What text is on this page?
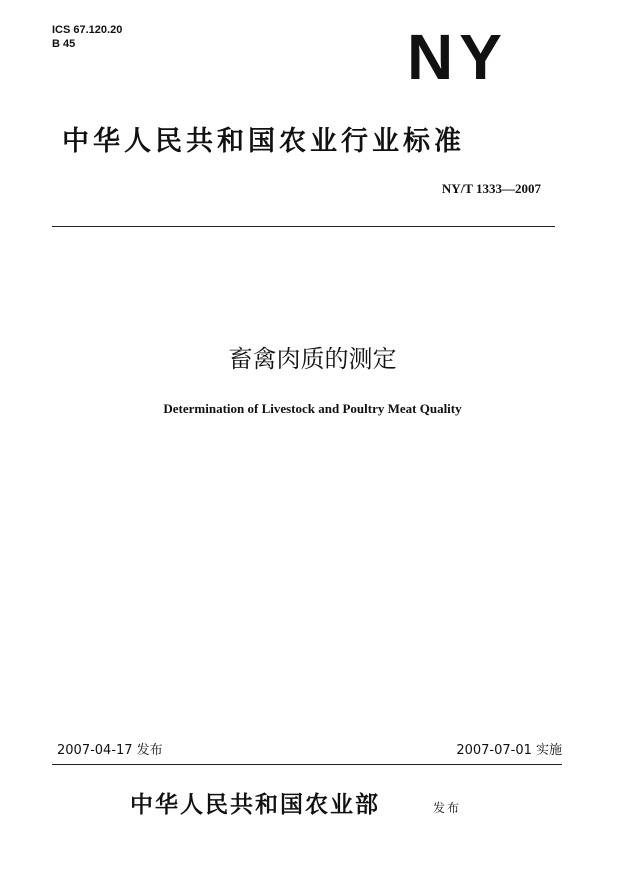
ICS 67.120.20
B 45	NY
中华人民共和国农业行业标准
NY/T 1333—2007
畜禽肉质的测定
Determination of Livestock and Poultry Meat Quality
2007-04-17 发布	2007-07-01 实施
中华人民共和国农业部	发布
